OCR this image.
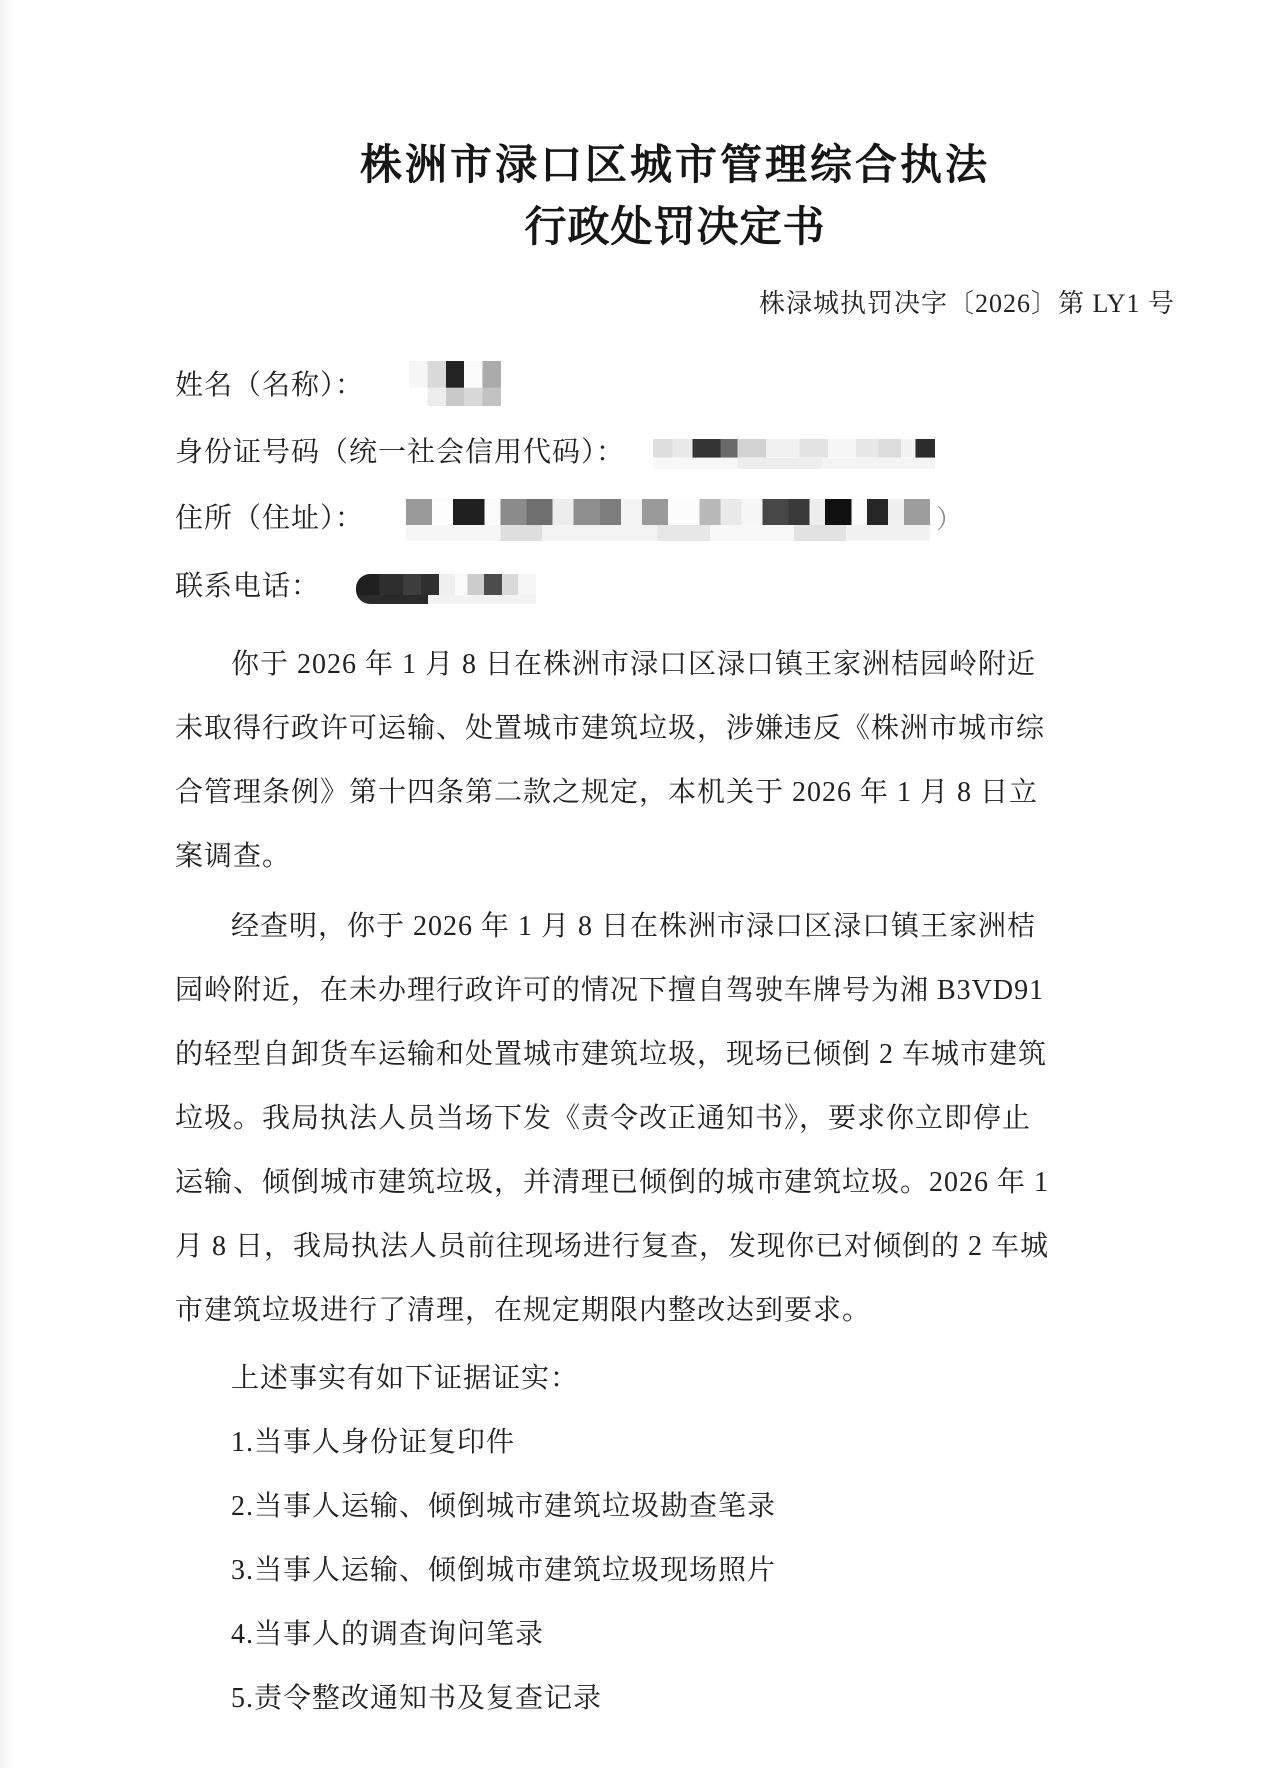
株洲市渌口区城市管理综合执法
行政处罚决定书
株渌城执罚决字〔2026〕第 LY1 号
姓名（名称）：
身份证号码（统一社会信用代码）：
住所（住址）：	）
联系电话：
你于 2026 年 1 月 8 日在株洲市渌口区渌口镇王家洲桔园岭附近
未取得行政许可运输、处置城市建筑垃圾，涉嫌违反《株洲市城市综
合管理条例》第十四条第二款之规定，本机关于 2026 年 1 月 8 日立
案调查。
经查明，你于 2026 年 1 月 8 日在株洲市渌口区渌口镇王家洲桔
园岭附近，在未办理行政许可的情况下擅自驾驶车牌号为湘 B3VD91
的轻型自卸货车运输和处置城市建筑垃圾，现场已倾倒 2 车城市建筑
垃圾。我局执法人员当场下发《责令改正通知书》，要求你立即停止
运输、倾倒城市建筑垃圾，并清理已倾倒的城市建筑垃圾。2026 年 1
月 8 日，我局执法人员前往现场进行复查，发现你已对倾倒的 2 车城
市建筑垃圾进行了清理，在规定期限内整改达到要求。
上述事实有如下证据证实：
1.当事人身份证复印件
2.当事人运输、倾倒城市建筑垃圾勘查笔录
3.当事人运输、倾倒城市建筑垃圾现场照片
4.当事人的调查询问笔录
5.责令整改通知书及复查记录
